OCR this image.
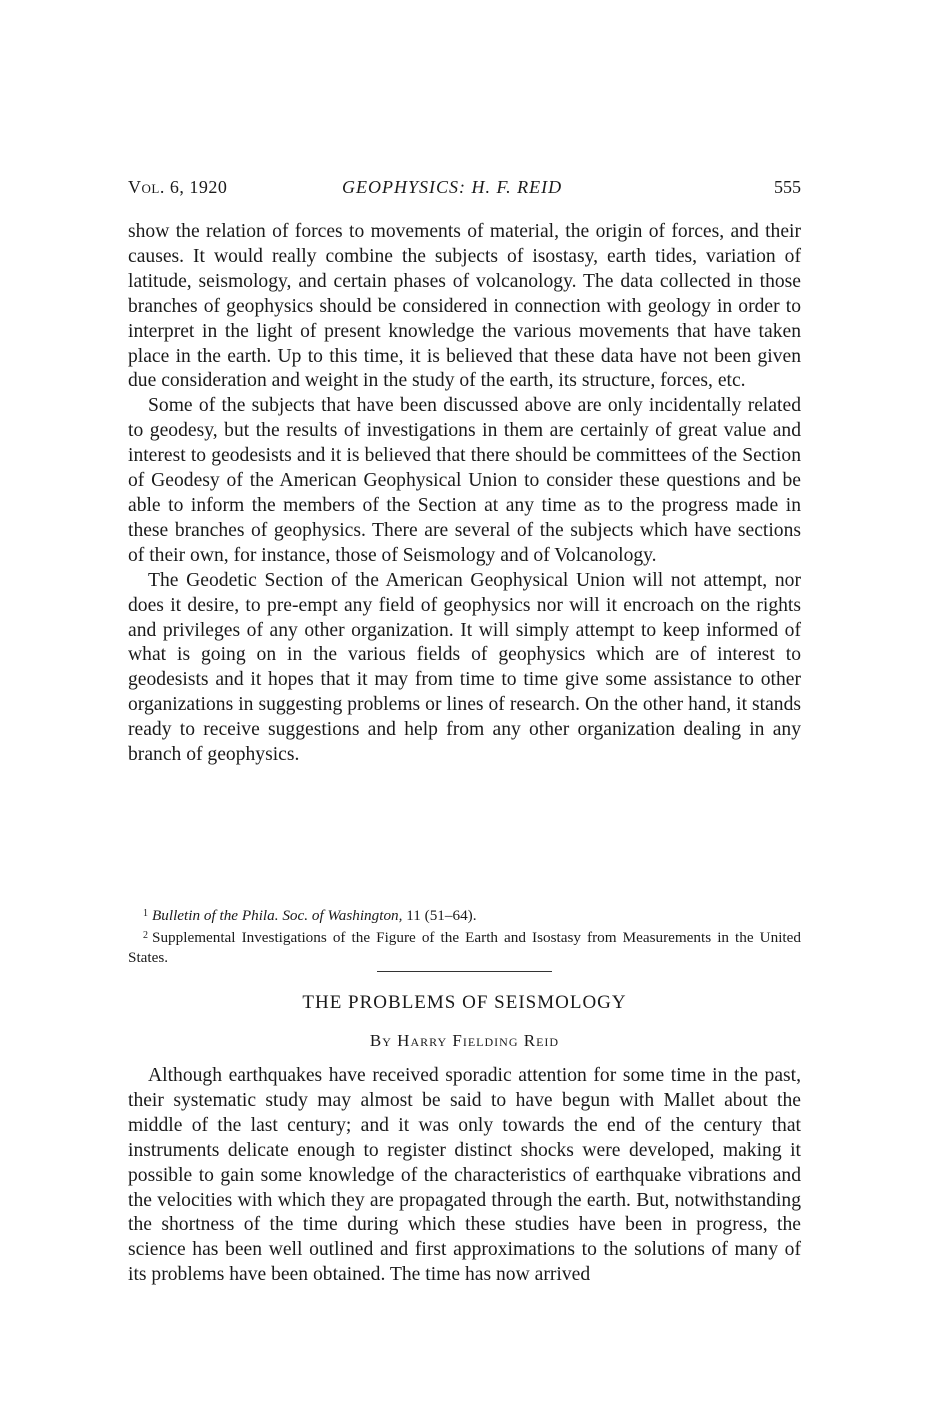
Vol. 6, 1920	GEOPHYSICS: H. F. REID	555

show the relation of forces to movements of material, the origin of forces, and their causes. It would really combine the subjects of isostasy, earth tides, variation of latitude, seismology, and certain phases of volcanology. The data collected in those branches of geophysics should be considered in connection with geology in order to interpret in the light of present knowledge the various movements that have taken place in the earth. Up to this time, it is believed that these data have not been given due consideration and weight in the study of the earth, its structure, forces, etc.

Some of the subjects that have been discussed above are only incidentally related to geodesy, but the results of investigations in them are certainly of great value and interest to geodesists and it is believed that there should be committees of the Section of Geodesy of the American Geophysical Union to consider these questions and be able to inform the members of the Section at any time as to the progress made in these branches of geophysics. There are several of the subjects which have sections of their own, for instance, those of Seismology and of Volcanology.

The Geodetic Section of the American Geophysical Union will not attempt, nor does it desire, to pre-empt any field of geophysics nor will it encroach on the rights and privileges of any other organization. It will simply attempt to keep informed of what is going on in the various fields of geophysics which are of interest to geodesists and it hopes that it may from time to time give some assistance to other organizations in suggesting problems or lines of research. On the other hand, it stands ready to receive suggestions and help from any other organization dealing in any branch of geophysics.

$^1$ Bulletin of the Phila. Soc. of Washington, 11 (51–64).

$^2$ Supplemental Investigations of the Figure of the Earth and Isostasy from Measurements in the United States.

THE PROBLEMS OF SEISMOLOGY
By Harry Fielding Reid

Although earthquakes have received sporadic attention for some time in the past, their systematic study may almost be said to have begun with Mallet about the middle of the last century; and it was only towards the end of the century that instruments delicate enough to register distinct shocks were developed, making it possible to gain some knowledge of the characteristics of earthquake vibrations and the velocities with which they are propagated through the earth. But, notwithstanding the shortness of the time during which these studies have been in progress, the science has been well outlined and first approximations to the solutions of many of its problems have been obtained. The time has now arrived
